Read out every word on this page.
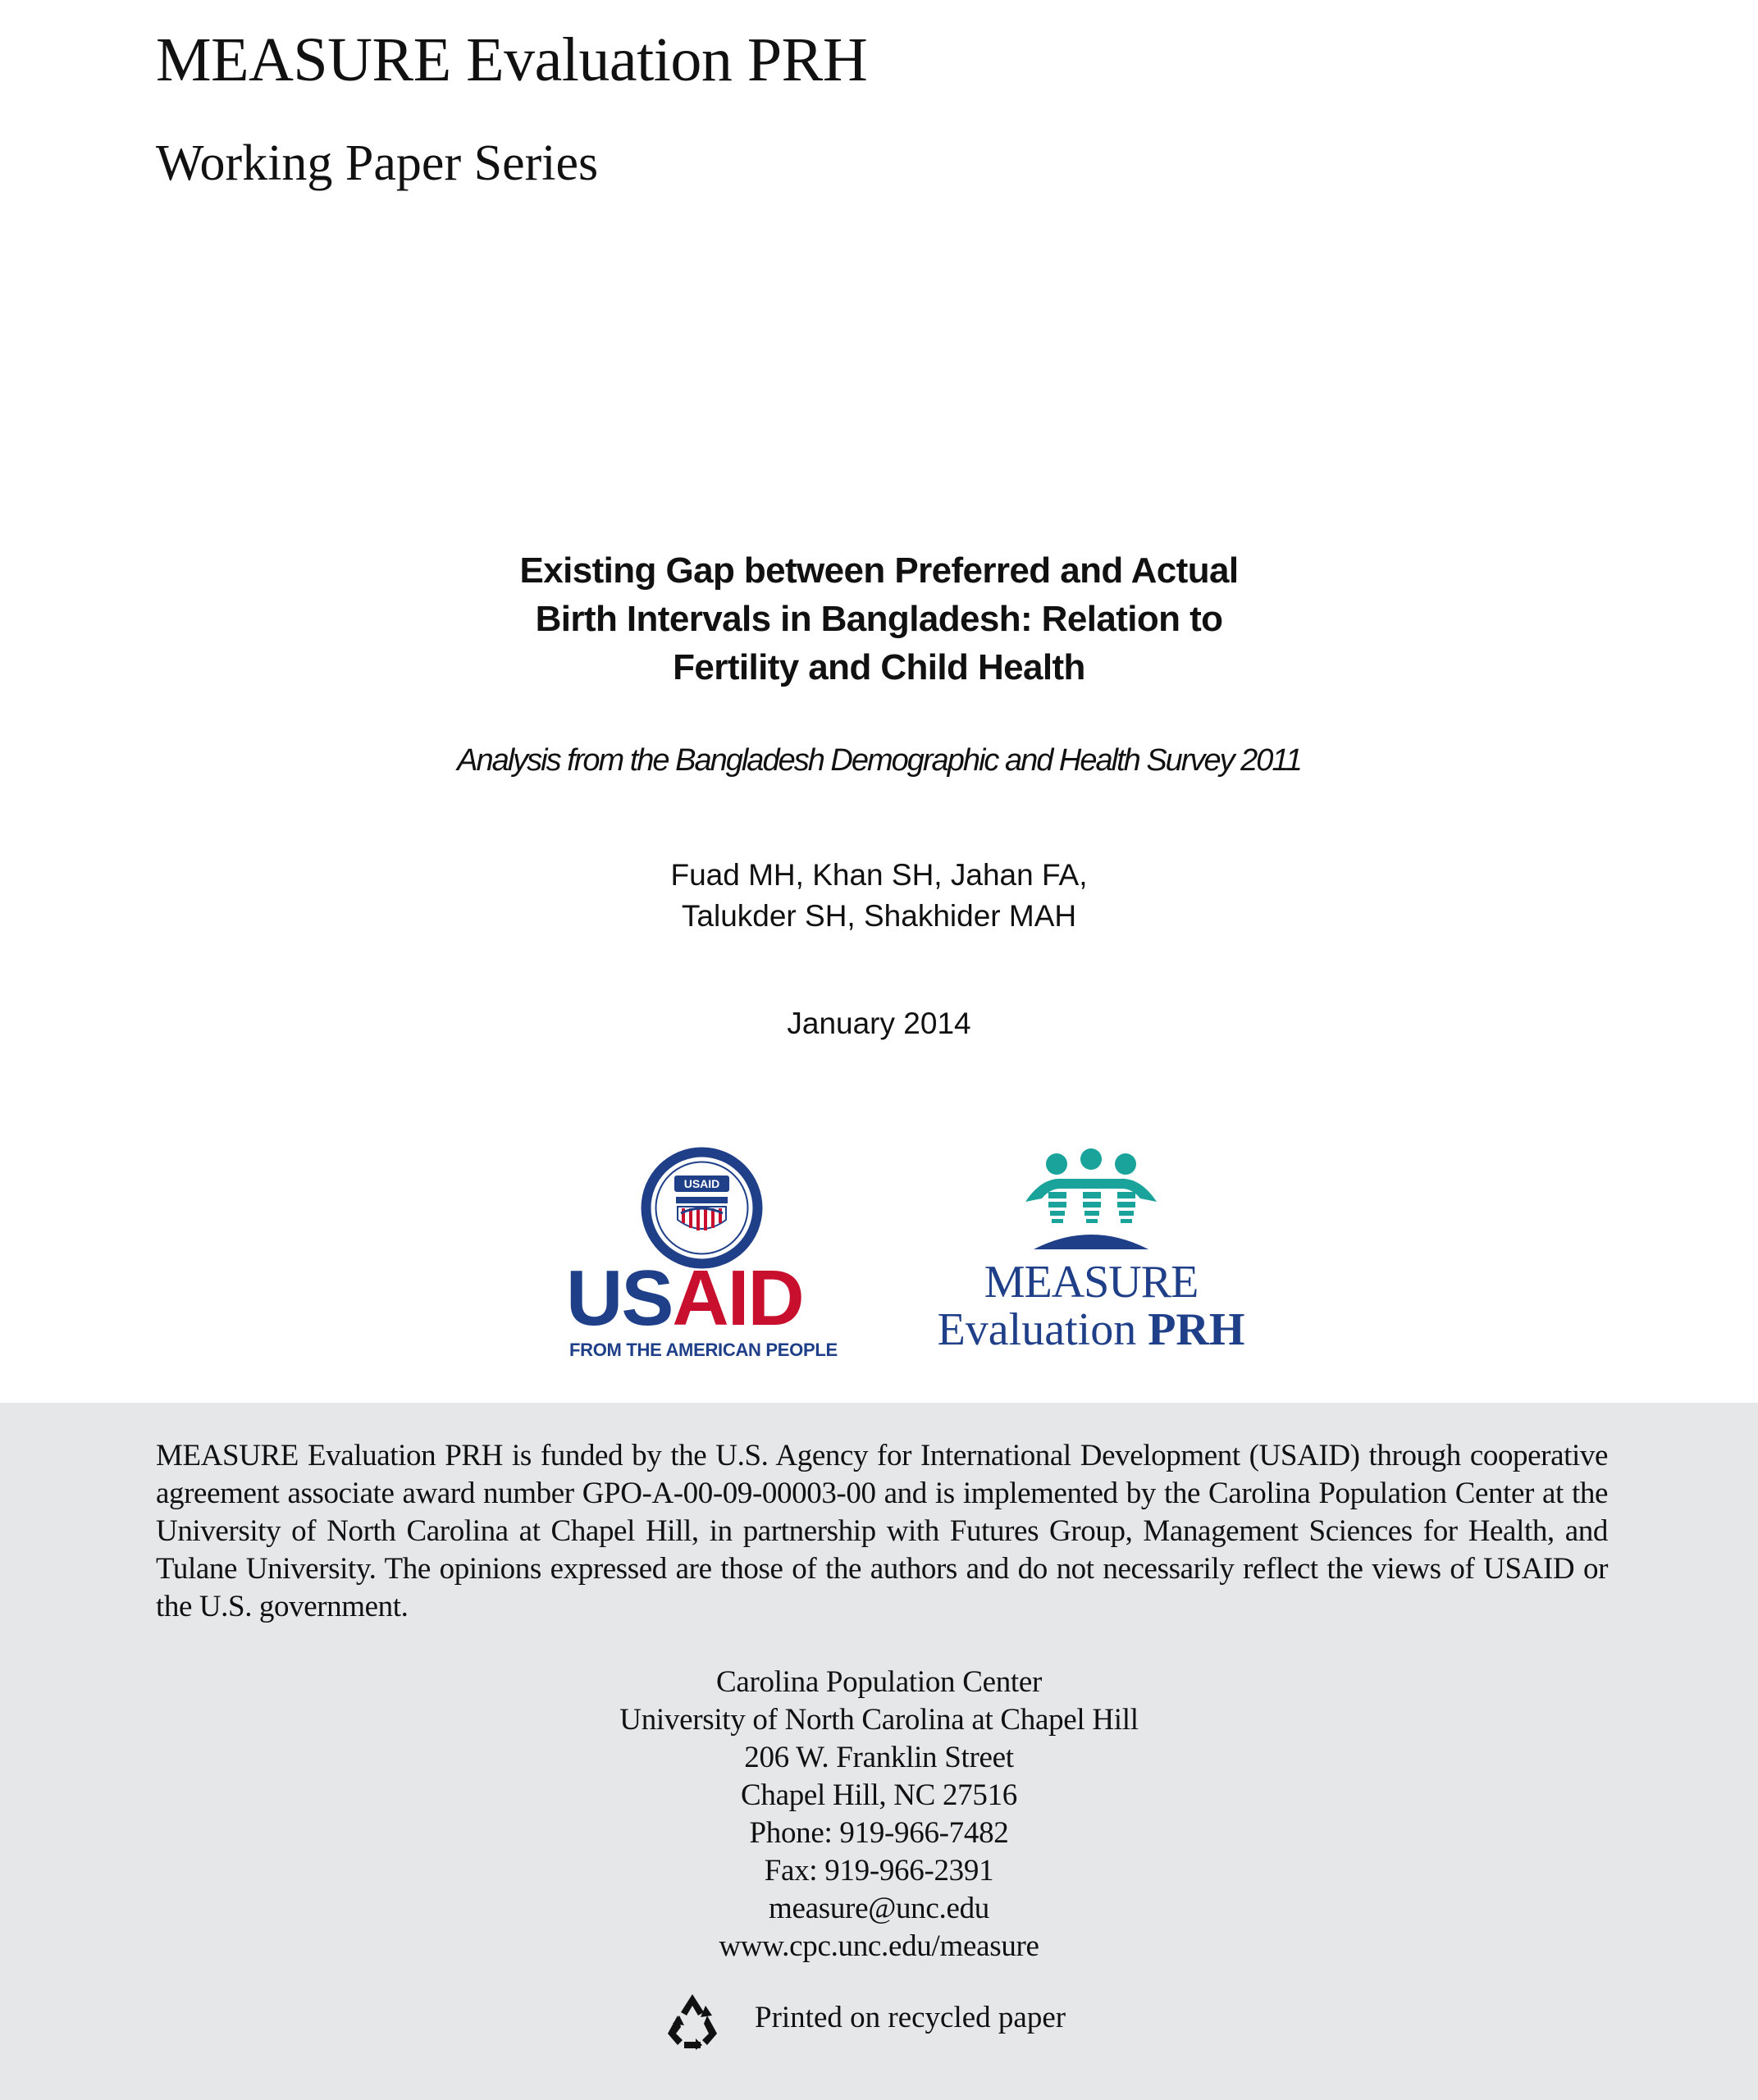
MEASURE Evaluation PRH
Working Paper Series
Existing Gap between Preferred and Actual
Birth Intervals in Bangladesh: Relation to
Fertility and Child Health
Analysis from the Bangladesh Demographic and Health Survey 2011
Fuad MH, Khan SH, Jahan FA,
Talukder SH, Shakhider MAH
January 2014
USAID
USAID
FROM THE AMERICAN PEOPLE
MEASURE
Evaluation PRH

MEASURE Evaluation PRH is funded by the U.S. Agency for International Development (USAID) through cooperative agreement associate award number GPO-A-00-09-00003-00 and is implemented by the Carolina Population Center at the University of North Carolina at Chapel Hill, in partnership with Futures Group, Management Sciences for Health, and Tulane University. The opinions expressed are those of the authors and do not necessarily reflect the views of USAID or the U.S. government.

Carolina Population Center
University of North Carolina at Chapel Hill
206 W. Franklin Street
Chapel Hill, NC 27516
Phone: 919-966-7482
Fax: 919-966-2391
measure@unc.edu
www.cpc.unc.edu/measure
Printed on recycled paper
